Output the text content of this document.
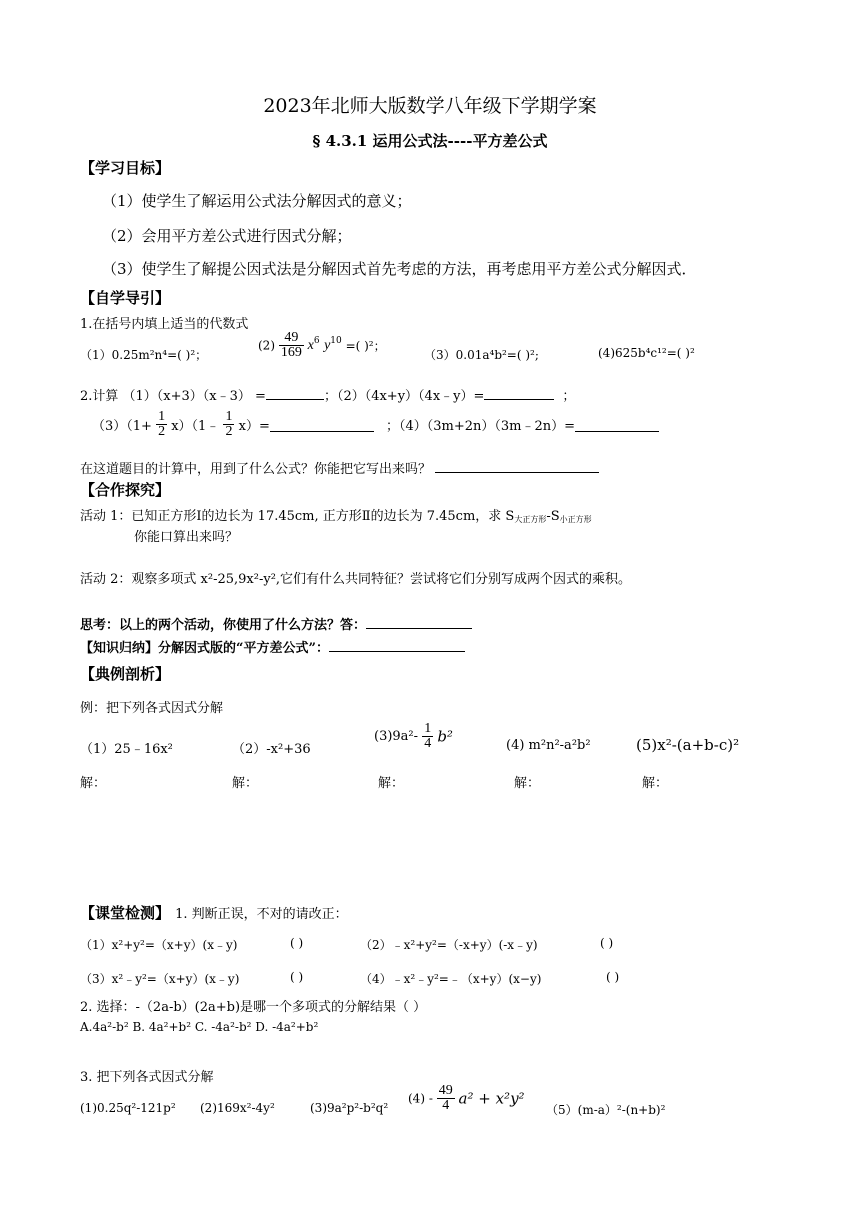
2023年北师大版数学八年级下学期学案
§ 4.3.1 运用公式法----平方差公式
【学习目标】
（1）使学生了解运用公式法分解因式的意义；
（2）会用平方差公式进行因式分解；
（3）使学生了解提公因式法是分解因式首先考虑的方法，再考虑用平方差公式分解因式．
【自学导引】
1.在括号内填上适当的代数式
（1）0.25m²n⁴=( )²；
$(2) \frac{49}{169} x^6$ $y^{10}$ =( )²；
（3）0.01a⁴b²=( )²;	(4)625b⁴c¹²=( )²
2.计算 （1）（x+3）（x﹣3） =	；（2）（4x+y）（4x﹣y）=	；
$(3)(1+ \frac{1}{2}$ x）（1﹣ $\frac{1}{2} x)=$	；（4）（3m+2n）（3m﹣2n）=
在这道题目的计算中，用到了什么公式？你能把它写出来吗？
【合作探究】
活动 1：已知正方形Ⅰ的边长为 17.45cm, 正方形Ⅱ的边长为 7.45cm，求 $S_{大正方形}-S_{小正方形}$
你能口算出来吗？
活动 2：观察多项式 x²-25,9x²-y²,它们有什么共同特征？尝试将它们分别写成两个因式的乘积。
思考：以上的两个活动，你使用了什么方法？答：
【知识归纳】分解因式版的“平方差公式”：
【典例剖析】
例：把下列各式因式分解
（1）25﹣16x²	（2）-x²+36
$(3)9a^2- \frac{1}{4} b^2$	(4) m²n²-a²b²	(5)x²-(a+b-c)²
解：	解：	解：	解：	解：
【课堂检测】 1. 判断正误，不对的请改正：
（1）x²+y²=（x+y）(x﹣y)	( )	（2）﹣x²+y²=（-x+y）(-x﹣y)	( )
（3）x²﹣y²=（x+y）(x﹣y)	( )	（4）﹣x²﹣y²=﹣（x+y）(x−y)	( )
2. 选择：-（2a-b）(2a+b)是哪一个多项式的分解结果（ ）
A.4a²-b² B. 4a²+b² C. -4a²-b² D. -4a²+b²
3. 把下列各式因式分解
(1)0.25q²-121p² (2)169x²-4y²	(3)9a²p²-b²q²
$(4) - \frac{49}{4} a^2 + x^2y^2$
（5）(m-a）²-(n+b)²
